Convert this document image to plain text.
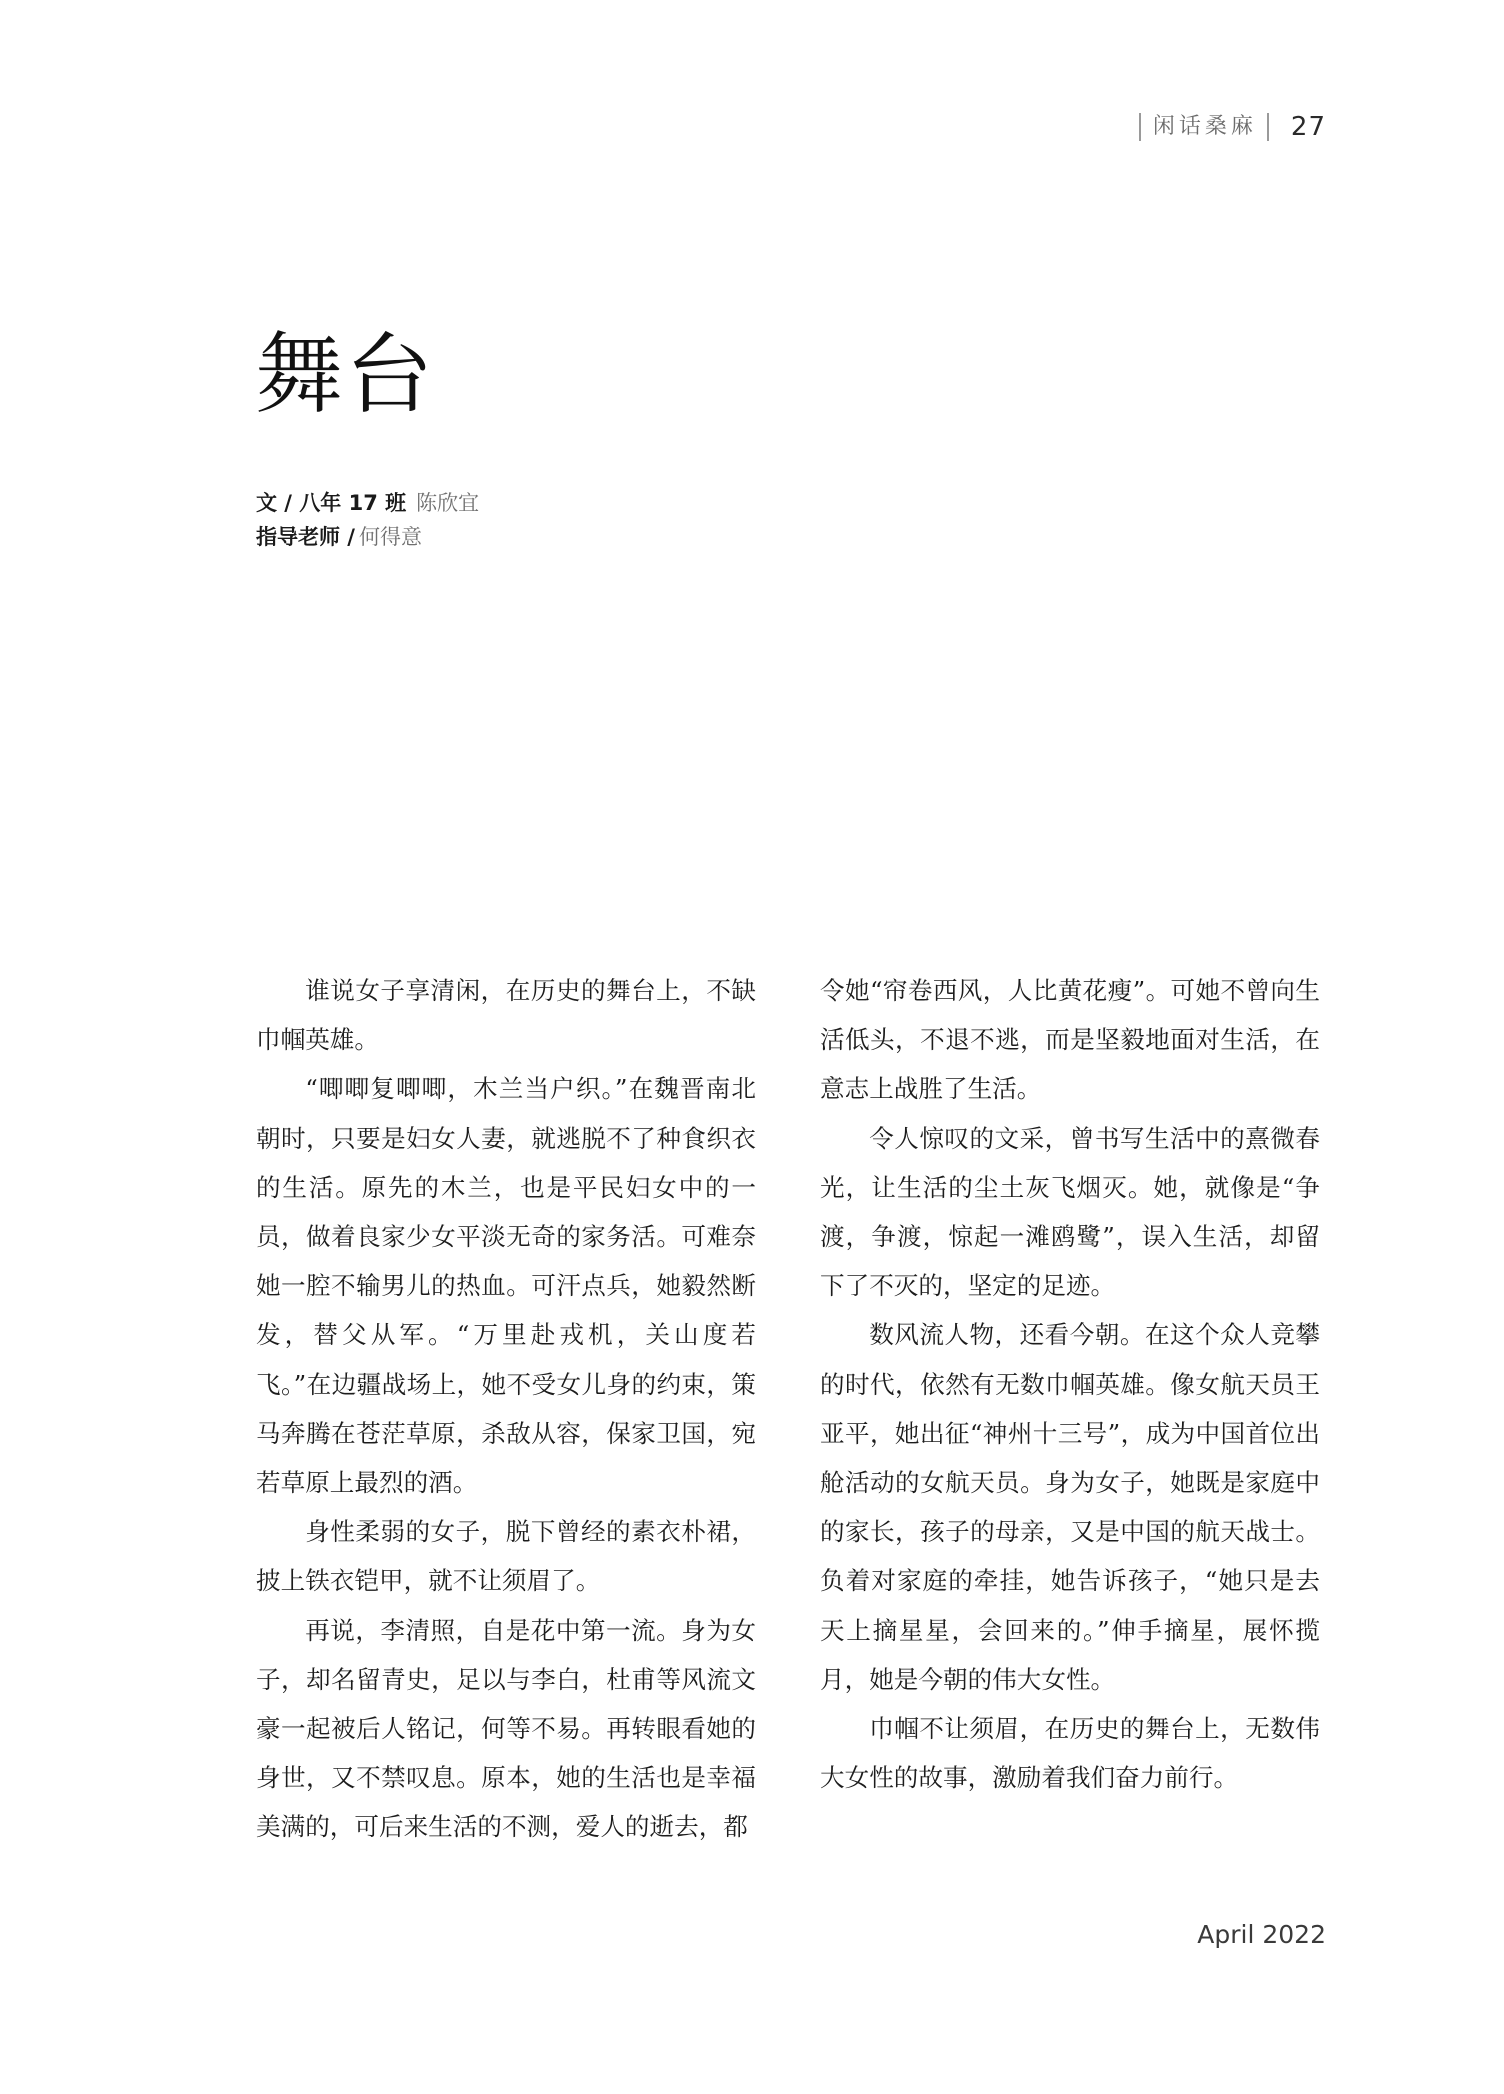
闲话桑麻	27
舞台
文 / 八年 17 班 陈欣宜
指导老师 / 何得意

谁说女子享清闲，在历史的舞台上，不缺巾帼英雄。

“唧唧复唧唧，木兰当户织。”在魏晋南北朝时，只要是妇女人妻，就逃脱不了种食织衣的生活。原先的木兰，也是平民妇女中的一员，做着良家少女平淡无奇的家务活。可难奈她一腔不输男儿的热血。可汗点兵，她毅然断发，替父从军。“万里赴戎机，关山度若飞。”在边疆战场上，她不受女儿身的约束，策马奔腾在苍茫草原，杀敌从容，保家卫国，宛若草原上最烈的酒。

身性柔弱的女子，脱下曾经的素衣朴裙，披上铁衣铠甲，就不让须眉了。

再说，李清照，自是花中第一流。身为女子，却名留青史，足以与李白，杜甫等风流文豪一起被后人铭记，何等不易。再转眼看她的身世，又不禁叹息。原本，她的生活也是幸福美满的，可后来生活的不测，爱人的逝去，都

令她“帘卷西风，人比黄花瘦”。可她不曾向生活低头，不退不逃，而是坚毅地面对生活，在意志上战胜了生活。

令人惊叹的文采，曾书写生活中的熹微春光，让生活的尘土灰飞烟灭。她，就像是“争渡，争渡，惊起一滩鸥鹭”，误入生活，却留下了不灭的，坚定的足迹。

数风流人物，还看今朝。在这个众人竞攀的时代，依然有无数巾帼英雄。像女航天员王亚平，她出征“神州十三号”，成为中国首位出舱活动的女航天员。身为女子，她既是家庭中的家长，孩子的母亲，又是中国的航天战士。负着对家庭的牵挂，她告诉孩子，“她只是去天上摘星星，会回来的。”伸手摘星，展怀揽月，她是今朝的伟大女性。

巾帼不让须眉，在历史的舞台上，无数伟大女性的故事，激励着我们奋力前行。

April 2022
